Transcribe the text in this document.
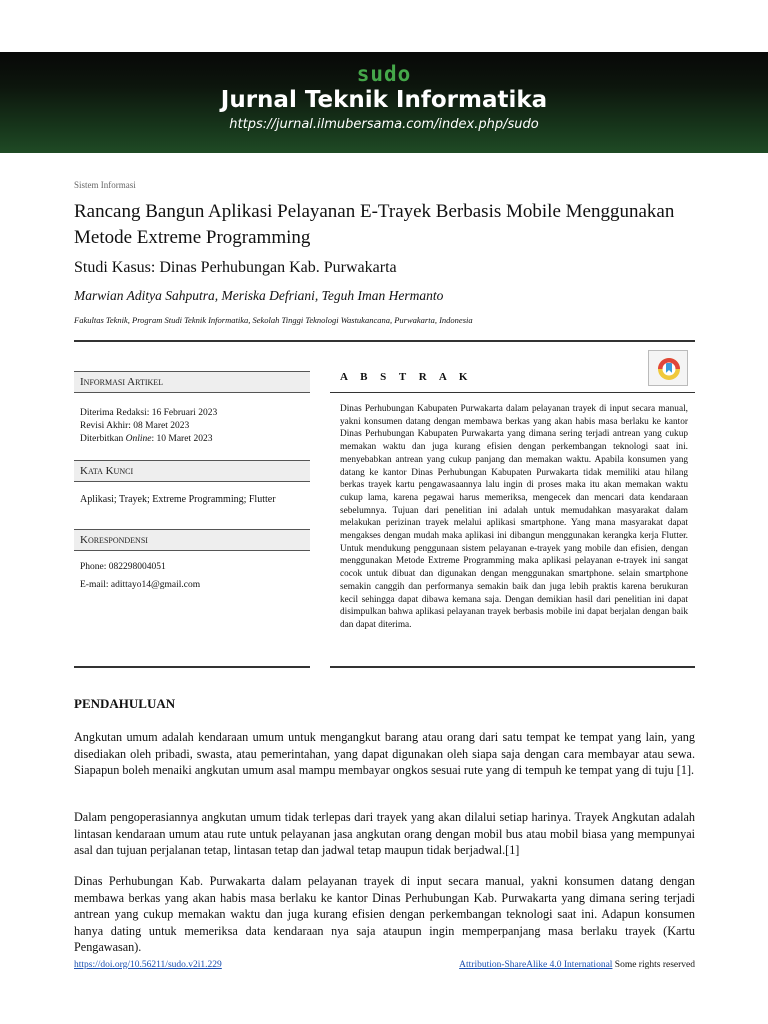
sudo
Jurnal Teknik Informatika
https://jurnal.ilmubersama.com/index.php/sudo
Sistem Informasi
Rancang Bangun Aplikasi Pelayanan E-Trayek Berbasis Mobile Menggunakan Metode Extreme Programming
Studi Kasus: Dinas Perhubungan Kab. Purwakarta
Marwian Aditya Sahputra, Meriska Defriani, Teguh Iman Hermanto
Fakultas Teknik, Program Studi Teknik Informatika, Sekolah Tinggi Teknologi Wastukancana, Purwakarta, Indonesia
Informasi Artikel
Diterima Redaksi: 16 Februari 2023
Revisi Akhir: 08 Maret 2023
Diterbitkan Online: 10 Maret 2023
Kata Kunci
Aplikasi; Trayek; Extreme Programming; Flutter
Korespondensi
Phone: 082298004051
E-mail: adittayo14@gmail.com
A B S T R A K
Dinas Perhubungan Kabupaten Purwakarta dalam pelayanan trayek di input secara manual, yakni konsumen datang dengan membawa berkas yang akan habis masa berlaku ke kantor Dinas Perhubungan Kabupaten Purwakarta yang dimana sering terjadi antrean yang cukup memakan waktu dan juga kurang efisien dengan perkembangan teknologi saat ini. menyebabkan antrean yang cukup panjang dan memakan waktu. Apabila konsumen yang datang ke kantor Dinas Perhubungan Kabupaten Purwakarta tidak memiliki atau hilang berkas trayek kartu pengawasaannya lalu ingin di proses maka itu akan memakan waktu cukup lama, karena pegawai harus memeriksa, mengecek dan mencari data kendaraan sebelumnya. Tujuan dari penelitian ini adalah untuk memudahkan masyarakat dalam melakukan perizinan trayek melalui aplikasi smartphone. Yang mana masyarakat dapat mengakses dengan mudah maka aplikasi ini dibangun menggunakan kerangka kerja Flutter. Untuk mendukung penggunaan sistem pelayanan e-trayek yang mobile dan efisien, dengan menggunakan Metode Extreme Programming maka aplikasi pelayanan e-trayek ini sangat cocok untuk dibuat dan digunakan dengan menggunakan smartphone. selain smartphone semakin canggih dan performanya semakin baik dan juga lebih praktis karena berukuran kecil sehingga dapat dibawa kemana saja. Dengan demikian hasil dari penelitian ini dapat disimpulkan bahwa aplikasi pelayanan trayek berbasis mobile ini dapat berjalan dengan baik dan dapat diterima.
PENDAHULUAN
Angkutan umum adalah kendaraan umum untuk mengangkut barang atau orang dari satu tempat ke tempat yang lain, yang disediakan oleh pribadi, swasta, atau pemerintahan, yang dapat digunakan oleh siapa saja dengan cara membayar atau sewa. Siapapun boleh menaiki angkutan umum asal mampu membayar ongkos sesuai rute yang di tempuh ke tempat yang di tuju [1].
Dalam pengoperasiannya angkutan umum tidak terlepas dari trayek yang akan dilalui setiap harinya. Trayek Angkutan adalah lintasan kendaraan umum atau rute untuk pelayanan jasa angkutan orang dengan mobil bus atau mobil biasa yang mempunyai asal dan tujuan perjalanan tetap, lintasan tetap dan jadwal tetap maupun tidak berjadwal.[1]
Dinas Perhubungan Kab. Purwakarta dalam pelayanan trayek di input secara manual, yakni konsumen datang dengan membawa berkas yang akan habis masa berlaku ke kantor Dinas Perhubungan Kab. Purwakarta yang dimana sering terjadi antrean yang cukup memakan waktu dan juga kurang efisien dengan perkembangan teknologi saat ini. Adapun konsumen hanya dating untuk memeriksa data kendaraan nya saja ataupun ingin memperpanjang masa berlaku trayek (Kartu Pengawasan).
https://doi.org/10.56211/sudo.v2i1.229	Attribution-ShareAlike 4.0 International Some rights reserved
